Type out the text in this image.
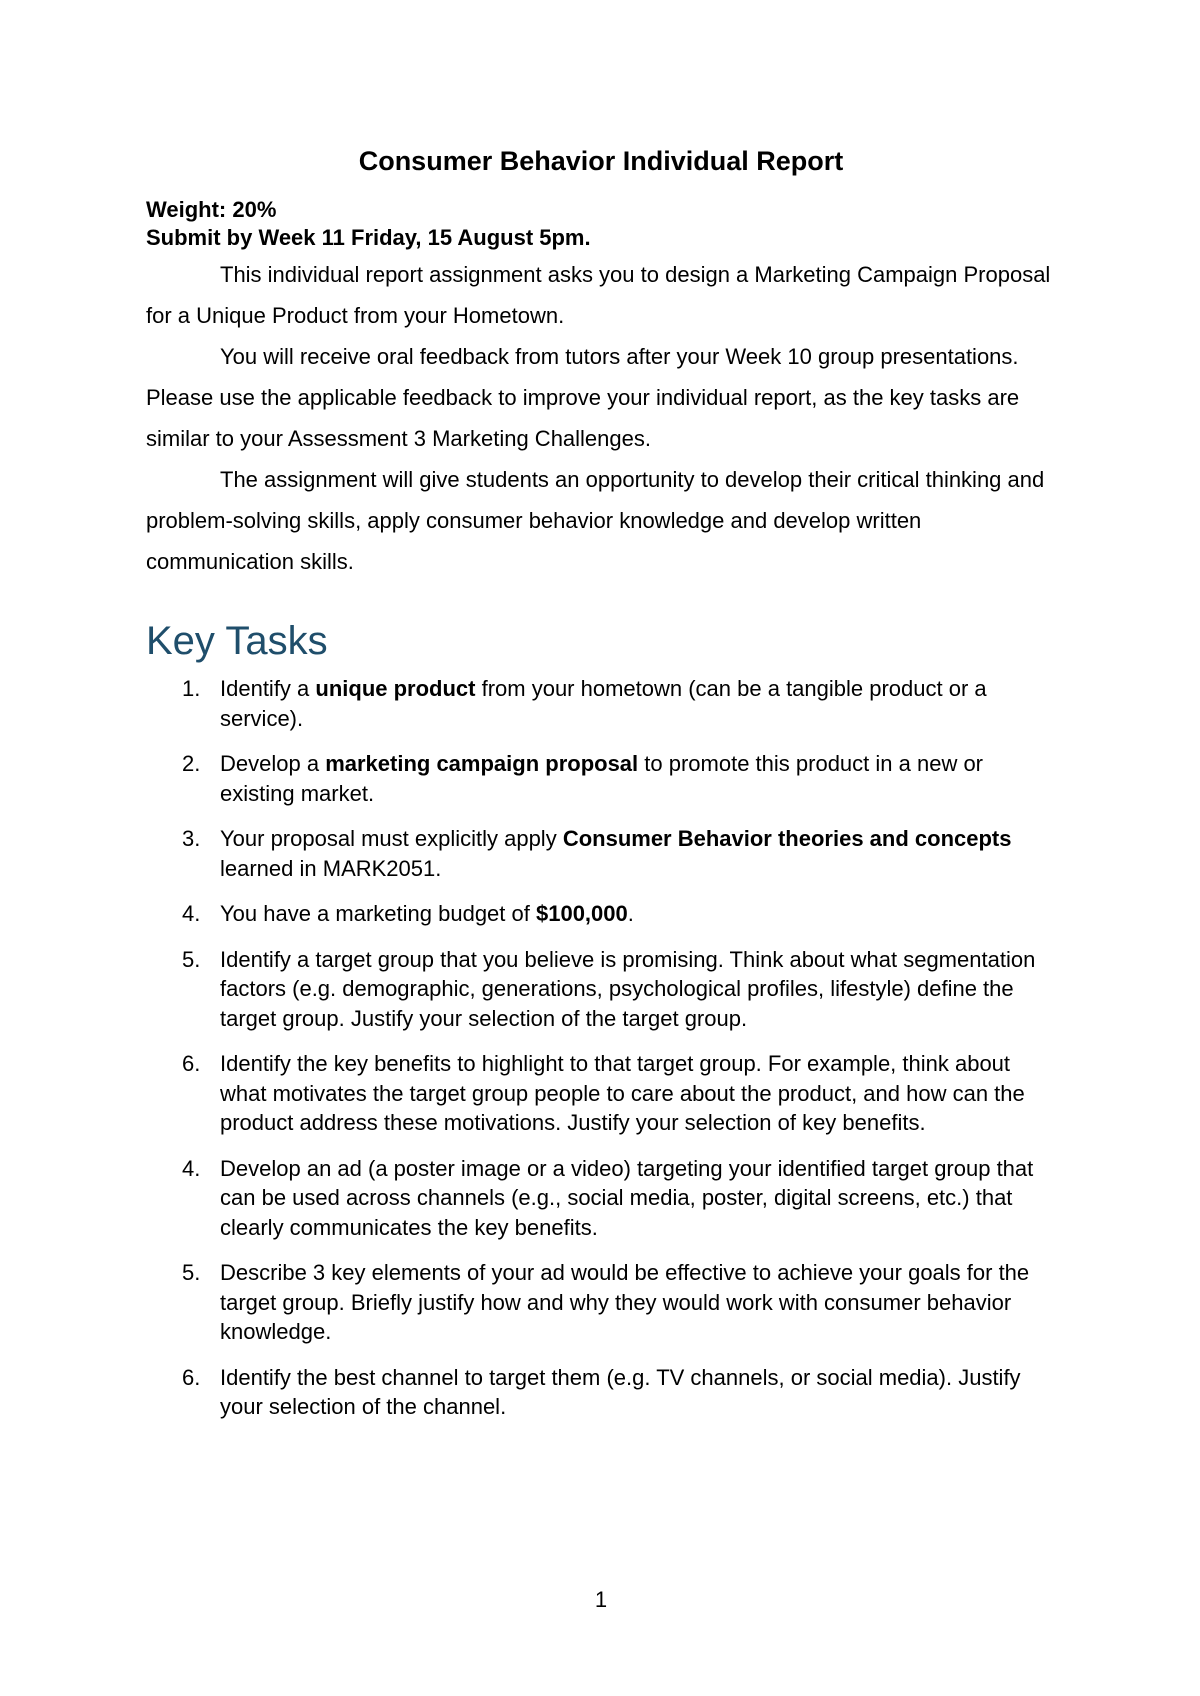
Consumer Behavior Individual Report

Weight: 20%

Submit by Week 11 Friday, 15 August 5pm.

This individual report assignment asks you to design a Marketing Campaign Proposal for a Unique Product from your Hometown.

You will receive oral feedback from tutors after your Week 10 group presentations. Please use the applicable feedback to improve your individual report, as the key tasks are similar to your Assessment 3 Marketing Challenges.

The assignment will give students an opportunity to develop their critical thinking and problem-solving skills, apply consumer behavior knowledge and develop written communication skills.

Key Tasks
1. Identify a unique product from your hometown (can be a tangible product or a service).
2. Develop a marketing campaign proposal to promote this product in a new or existing market.
3. Your proposal must explicitly apply Consumer Behavior theories and concepts learned in MARK2051.
4. You have a marketing budget of $100,000.
5. Identify a target group that you believe is promising. Think about what segmentation factors (e.g. demographic, generations, psychological profiles, lifestyle) define the target group. Justify your selection of the target group.
6. Identify the key benefits to highlight to that target group. For example, think about what motivates the target group people to care about the product, and how can the product address these motivations. Justify your selection of key benefits.
4. Develop an ad (a poster image or a video) targeting your identified target group that can be used across channels (e.g., social media, poster, digital screens, etc.) that clearly communicates the key benefits.
5. Describe 3 key elements of your ad would be effective to achieve your goals for the target group. Briefly justify how and why they would work with consumer behavior knowledge.
6. Identify the best channel to target them (e.g. TV channels, or social media). Justify your selection of the channel.
1
